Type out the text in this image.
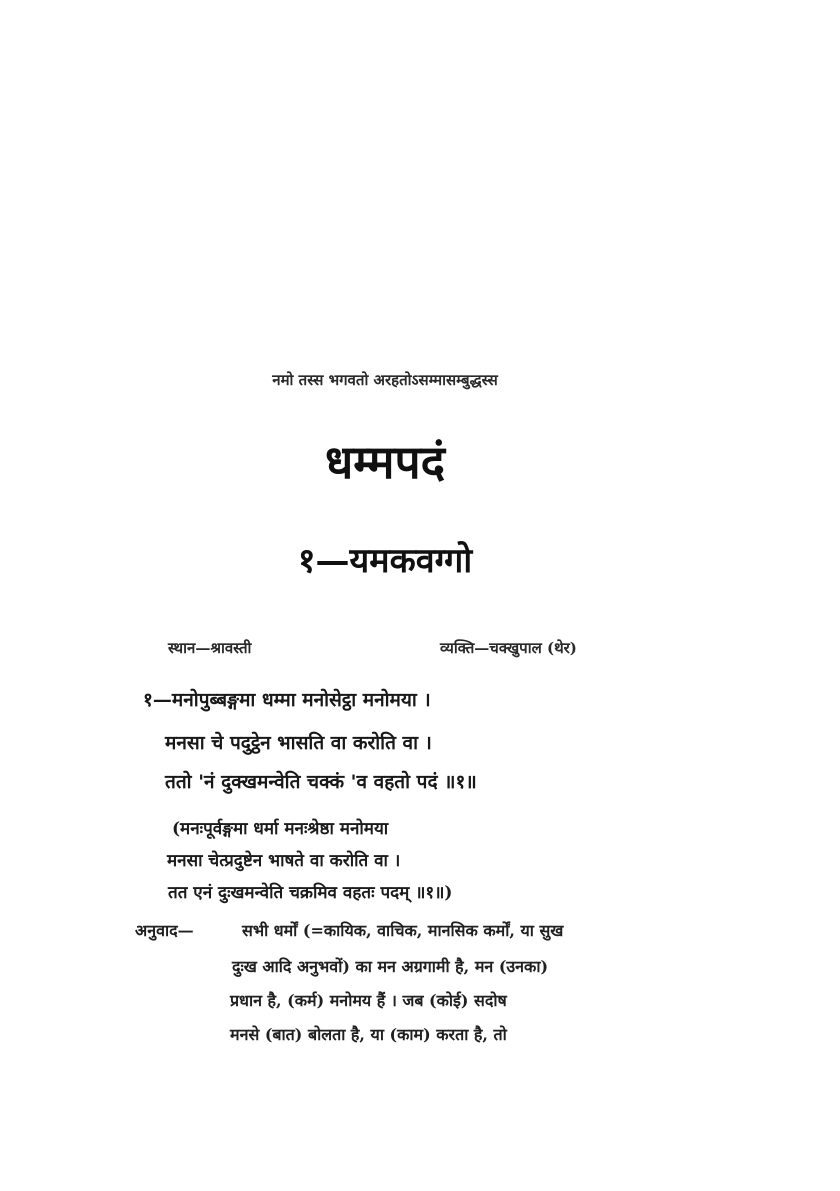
नमो तस्स भगवतो अरहतोऽसम्मासम्बुद्धस्स
धम्मपदं
१—यमकवग्गो
स्थान—श्रावस्ती	व्यक्ति—चक्खुपाल (थेर)
१—मनोपुब्बङ्गमा धम्मा मनोसेट्ठा मनोमया ।
मनसा चे पदुट्ठेन भासति वा करोति वा ।
ततो 'नं दुक्खमन्वेति चक्कं 'व वहतो पदं ॥१॥
(मनःपूर्वङ्गमा धर्मा मनःश्रेष्ठा मनोमया
मनसा चेत्प्रदुष्टेन भाषते वा करोति वा ।
तत एनं दुःखमन्वेति चक्रमिव वहतः पदम् ॥१॥)
अनुवाद—	सभी धर्मों (=कायिक, वाचिक, मानसिक कर्मों, या सुख
दुःख आदि अनुभवों) का मन अग्रगामी है, मन (उनका)
प्रधान है, (कर्म) मनोमय हैं । जब (कोई) सदोष
मनसे (बात) बोलता है, या (काम) करता है, तो
